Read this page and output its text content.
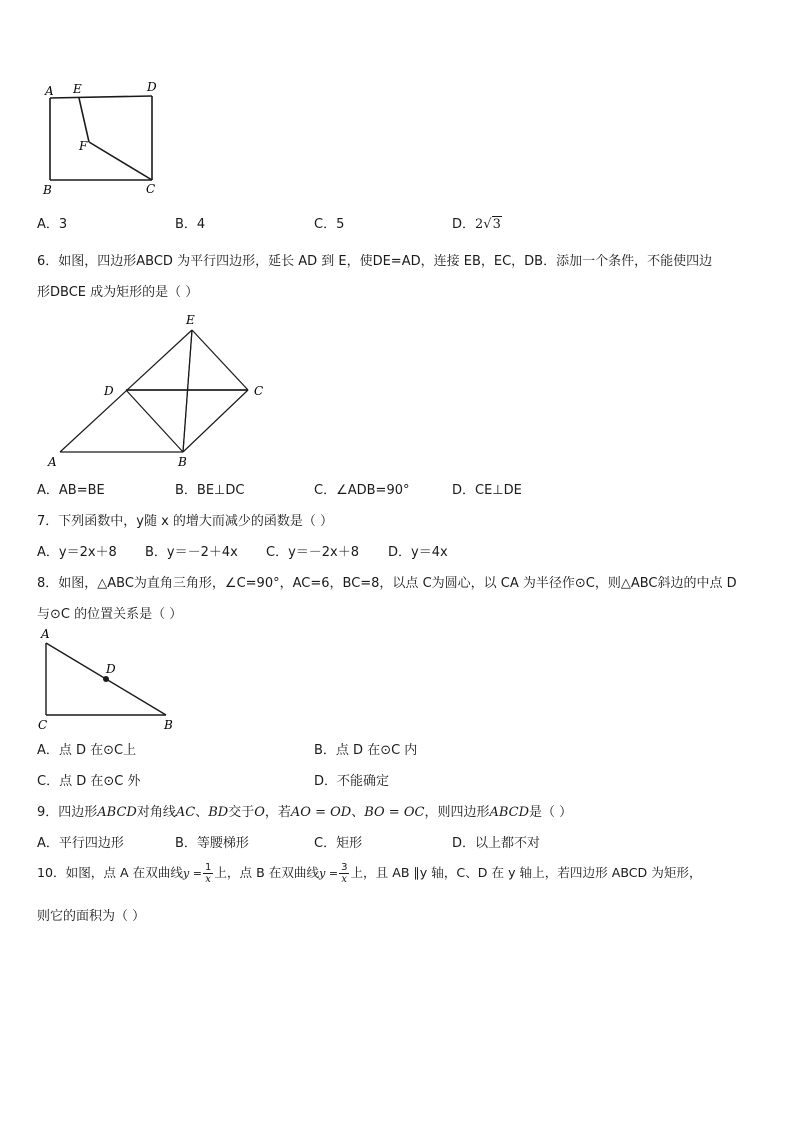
A E	D
F
B	C
A．3	B．4	C．5	D．2√3
6．如图，四边形ABCD 为平行四边形，延长 AD 到 E，使DE=AD，连接 EB，EC，DB．添加一个条件，不能使四边
形DBCE 成为矩形的是（ ）
E
D	C
A	B
A．AB=BE	B．BE⊥DC	C．∠ADB=90°	D．CE⊥DE
7．下列函数中，y随 x 的增大而减少的函数是（ ）
A．y＝2x＋8 B．y＝－2＋4x C．y＝－2x＋8 D．y＝4x
8．如图，△ABC为直角三角形，∠C=90°，AC=6，BC=8，以点 C为圆心，以 CA 为半径作⊙C，则△ABC斜边的中点 D
与⊙C 的位置关系是（ ）
A
D
C	B
A．点 D 在⊙C上	B．点 D 在⊙C 内
C．点 D 在⊙C 外	D．不能确定
9．四边形ABCD对角线AC、BD交于O，若AO = OD、BO = OC，则四边形ABCD是（ ）
A．平行四边形	B．等腰梯形	C．矩形	D．以上都不对
10．如图，点 A 在双曲线$y = \frac{1}{x}$ 上，点 B 在双曲线$y = \frac{3}{x}$ 上，且 AB ∥y 轴，C、D 在 y 轴上，若四边形 ABCD 为矩形，
则它的面积为（ ）
